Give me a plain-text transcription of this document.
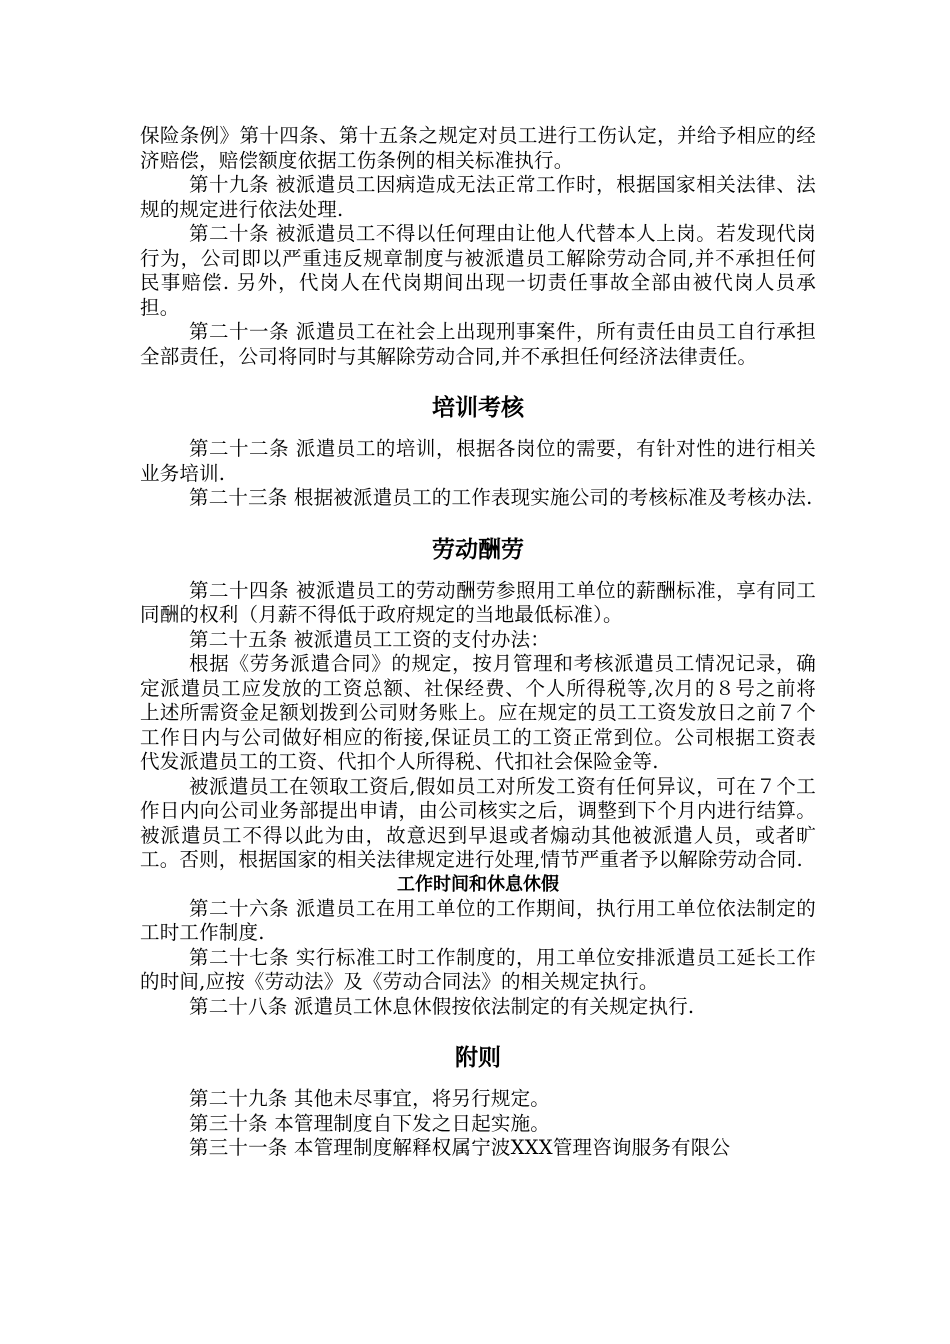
保险条例》第十四条、第十五条之规定对员工进行工伤认定，并给予相应的经济赔偿，赔偿额度依据工伤条例的相关标准执行。

第十九条 被派遣员工因病造成无法正常工作时，根据国家相关法律、法规的规定进行依法处理.

第二十条 被派遣员工不得以任何理由让他人代替本人上岗。若发现代岗行为，公司即以严重违反规章制度与被派遣员工解除劳动合同,并不承担任何民事赔偿. 另外，代岗人在代岗期间出现一切责任事故全部由被代岗人员承担。

第二十一条 派遣员工在社会上出现刑事案件，所有责任由员工自行承担全部责任，公司将同时与其解除劳动合同,并不承担任何经济法律责任。

培训考核

第二十二条 派遣员工的培训，根据各岗位的需要，有针对性的进行相关业务培训.

第二十三条 根据被派遣员工的工作表现实施公司的考核标准及考核办法.

劳动酬劳

第二十四条 被派遣员工的劳动酬劳参照用工单位的薪酬标准，享有同工同酬的权利（月薪不得低于政府规定的当地最低标准）。

第二十五条 被派遣员工工资的支付办法：

根据《劳务派遣合同》的规定，按月管理和考核派遣员工情况记录，确定派遣员工应发放的工资总额、社保经费、个人所得税等,次月的８号之前将上述所需资金足额划拨到公司财务账上。应在规定的员工工资发放日之前７个工作日内与公司做好相应的衔接,保证员工的工资正常到位。公司根据工资表代发派遣员工的工资、代扣个人所得税、代扣社会保险金等.

被派遣员工在领取工资后,假如员工对所发工资有任何异议，可在７个工作日内向公司业务部提出申请，由公司核实之后，调整到下个月内进行结算。被派遣员工不得以此为由，故意迟到早退或者煽动其他被派遣人员，或者旷工。否则，根据国家的相关法律规定进行处理,情节严重者予以解除劳动合同.

工作时间和休息休假

第二十六条 派遣员工在用工单位的工作期间，执行用工单位依法制定的工时工作制度.

第二十七条 实行标准工时工作制度的，用工单位安排派遣员工延长工作的时间,应按《劳动法》及《劳动合同法》的相关规定执行。

第二十八条 派遣员工休息休假按依法制定的有关规定执行.

附则

第二十九条 其他未尽事宜，将另行规定。

第三十条 本管理制度自下发之日起实施。

第三十一条 本管理制度解释权属宁波XXX管理咨询服务有限公
